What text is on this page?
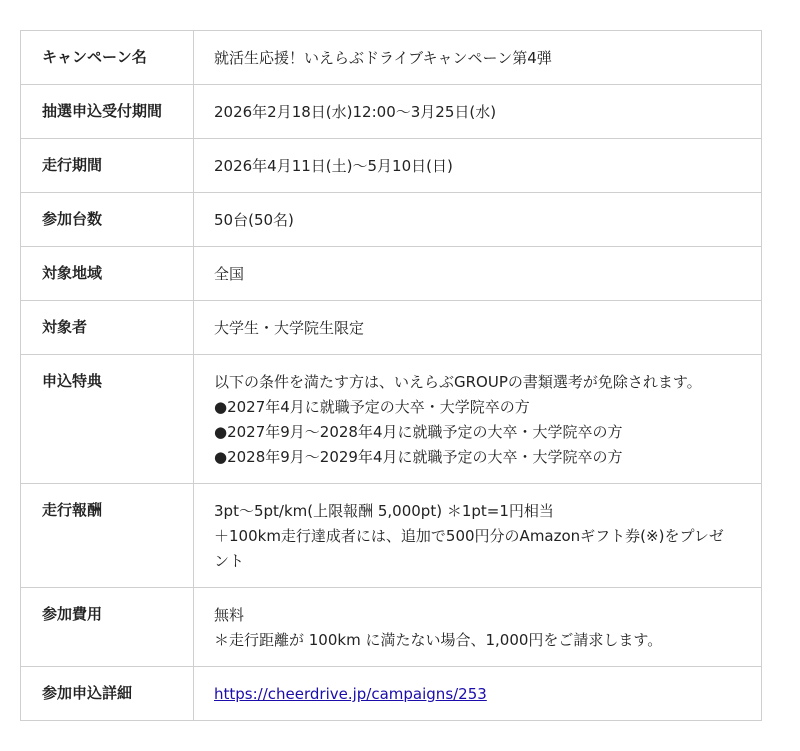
キャンペーン名	就活生応援！いえらぶドライブキャンペーン第4弾

抽選申込受付期間	2026年2月18日(水)12:00〜3月25日(水)

走行期間	2026年4月11日(土)〜5月10日(日)

参加台数	50台(50名)

対象地域	全国

対象者	大学生・大学院生限定

申込特典	以下の条件を満たす方は、いえらぶGROUPの書類選考が免除されます。
●2027年4月に就職予定の大卒・大学院卒の方
●2027年9月〜2028年4月に就職予定の大卒・大学院卒の方
●2028年9月〜2029年4月に就職予定の大卒・大学院卒の方

走行報酬	3pt〜5pt/km(上限報酬 5,000pt) ＊1pt=1円相当
＋100km走行達成者には、追加で500円分のAmazonギフト券(※)をプレゼント

参加費用	無料
＊走行距離が 100km に満たない場合、1,000円をご請求します。

参加申込詳細	https://cheerdrive.jp/campaigns/253
